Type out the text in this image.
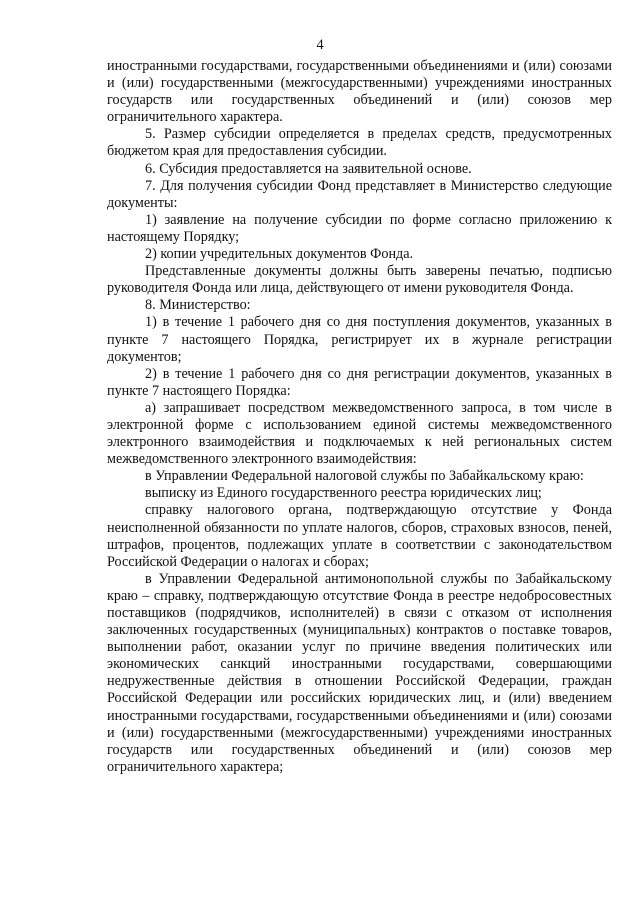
4

иностранными государствами, государственными объединениями и (или) союзами и (или) государственными (межгосударственными) учреждениями иностранных государств или государственных объединений и (или) союзов мер ограничительного характера.

5. Размер субсидии определяется в пределах средств, предусмотренных бюджетом края для предоставления субсидии.

6. Субсидия предоставляется на заявительной основе.

7. Для получения субсидии Фонд представляет в Министерство следующие документы:

1) заявление на получение субсидии по форме согласно приложению к настоящему Порядку;

2) копии учредительных документов Фонда.

Представленные документы должны быть заверены печатью, подписью руководителя Фонда или лица, действующего от имени руководителя Фонда.

8. Министерство:

1) в течение 1 рабочего дня со дня поступления документов, указанных в пункте 7 настоящего Порядка, регистрирует их в журнале регистрации документов;

2) в течение 1 рабочего дня со дня регистрации документов, указанных в пункте 7 настоящего Порядка:

а) запрашивает посредством межведомственного запроса, в том числе в электронной форме с использованием единой системы межведомственного электронного взаимодействия и подключаемых к ней региональных систем межведомственного электронного взаимодействия:

в Управлении Федеральной налоговой службы по Забайкальскому краю:

выписку из Единого государственного реестра юридических лиц;

справку налогового органа, подтверждающую отсутствие у Фонда неисполненной обязанности по уплате налогов, сборов, страховых взносов, пеней, штрафов, процентов, подлежащих уплате в соответствии с законодательством Российской Федерации о налогах и сборах;

в Управлении Федеральной антимонопольной службы по Забайкальскому краю – справку, подтверждающую отсутствие Фонда в реестре недобросовестных поставщиков (подрядчиков, исполнителей) в связи с отказом от исполнения заключенных государственных (муниципальных) контрактов о поставке товаров, выполнении работ, оказании услуг по причине введения политических или экономических санкций иностранными государствами, совершающими недружественные действия в отношении Российской Федерации, граждан Российской Федерации или российских юридических лиц, и (или) введением иностранными государствами, государственными объединениями и (или) союзами и (или) государственными (межгосударственными) учреждениями иностранных государств или государственных объединений и (или) союзов мер ограничительного характера;
